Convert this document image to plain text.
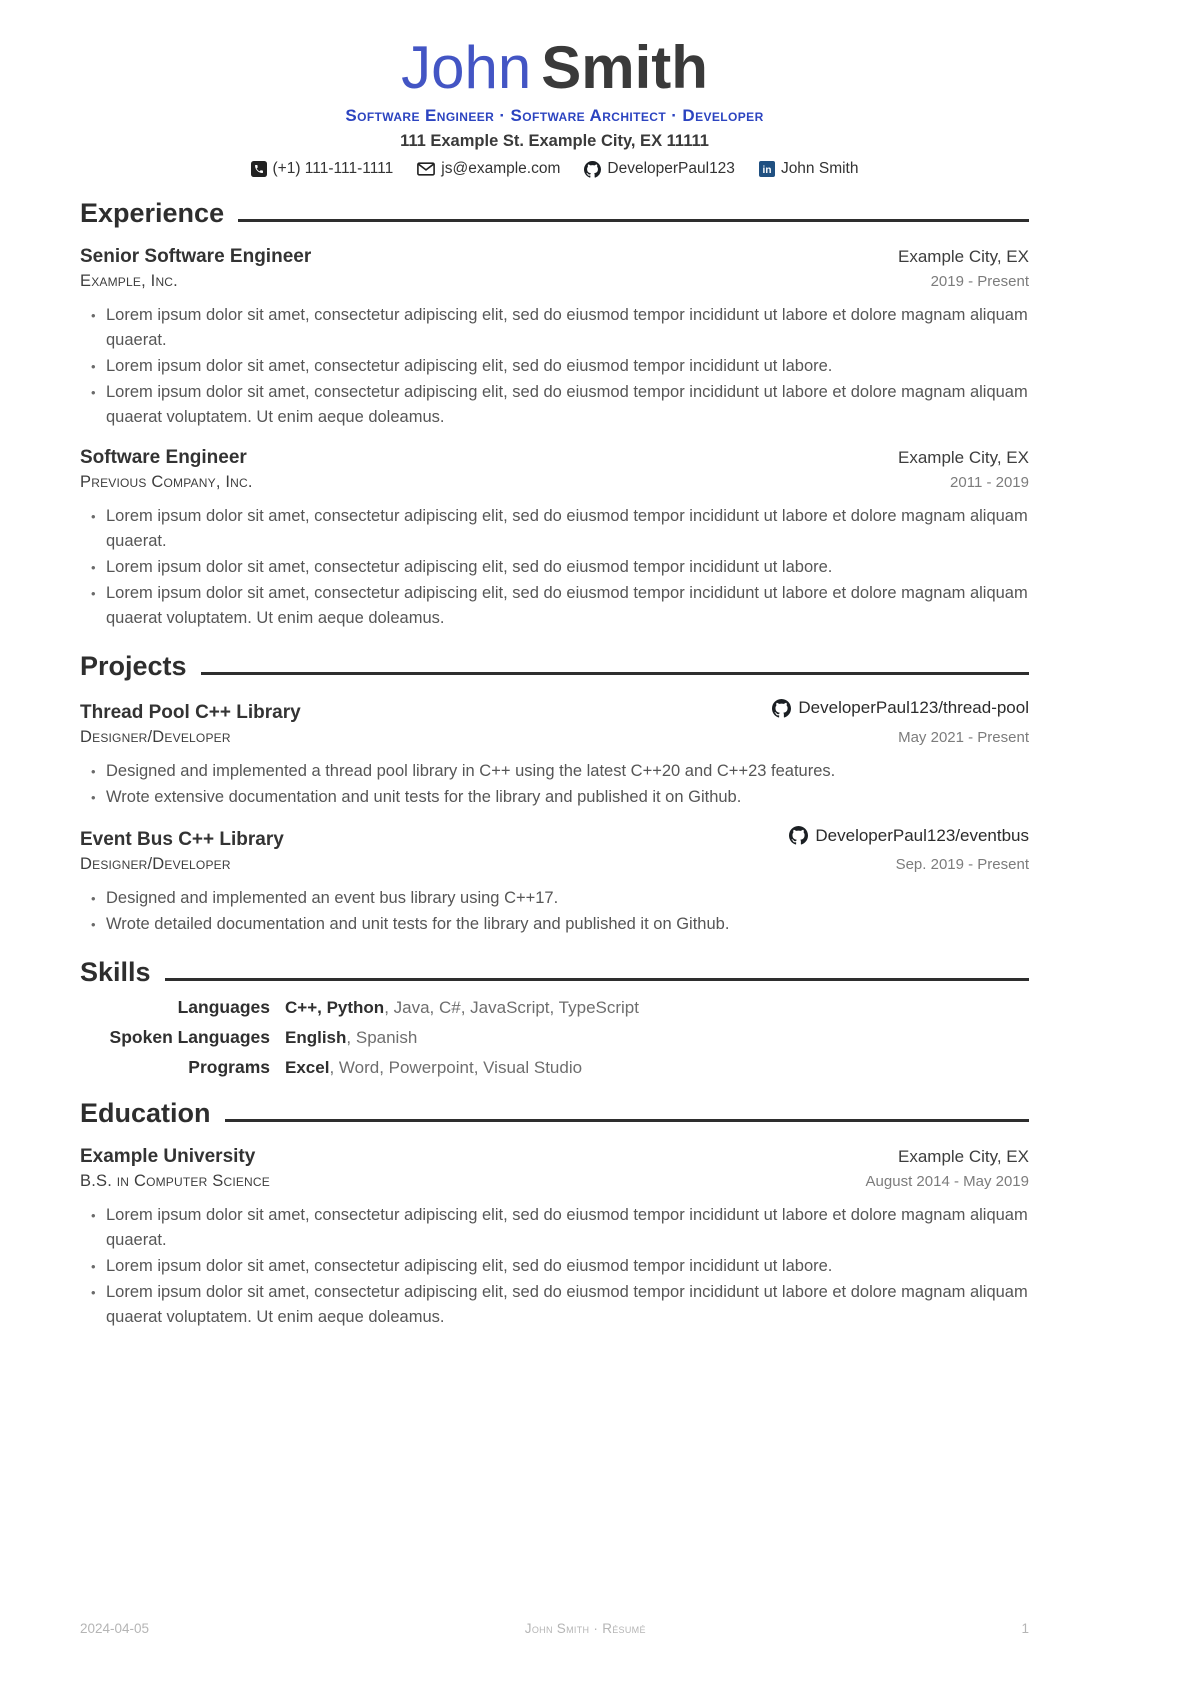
John Smith
Software Engineer · Software Architect · Developer
111 Example St. Example City, EX 11111
(+1) 111-111-1111	js@example.com	DeveloperPaul123	in John Smith
Experience
Senior Software Engineer	Example City, EX
Example, Inc.	2019 - Present
• Lorem ipsum dolor sit amet, consectetur adipiscing elit, sed do eiusmod tempor incididunt ut labore et dolore magnam aliquam quaerat.
• Lorem ipsum dolor sit amet, consectetur adipiscing elit, sed do eiusmod tempor incididunt ut labore.
• Lorem ipsum dolor sit amet, consectetur adipiscing elit, sed do eiusmod tempor incididunt ut labore et dolore magnam aliquam quaerat voluptatem. Ut enim aeque doleamus.
Software Engineer	Example City, EX
Previous Company, Inc.	2011 - 2019
• Lorem ipsum dolor sit amet, consectetur adipiscing elit, sed do eiusmod tempor incididunt ut labore et dolore magnam aliquam quaerat.
• Lorem ipsum dolor sit amet, consectetur adipiscing elit, sed do eiusmod tempor incididunt ut labore.
• Lorem ipsum dolor sit amet, consectetur adipiscing elit, sed do eiusmod tempor incididunt ut labore et dolore magnam aliquam quaerat voluptatem. Ut enim aeque doleamus.
Projects
Thread Pool C++ Library	DeveloperPaul123/thread-pool
Designer/Developer	May 2021 - Present
• Designed and implemented a thread pool library in C++ using the latest C++20 and C++23 features.
• Wrote extensive documentation and unit tests for the library and published it on Github.
Event Bus C++ Library	DeveloperPaul123/eventbus
Designer/Developer	Sep. 2019 - Present
• Designed and implemented an event bus library using C++17.
• Wrote detailed documentation and unit tests for the library and published it on Github.
Skills
Languages C++, Python, Java, C#, JavaScript, TypeScript
Spoken Languages English, Spanish
Programs Excel, Word, Powerpoint, Visual Studio
Education
Example University	Example City, EX
B.S. in Computer Science	August 2014 - May 2019
• Lorem ipsum dolor sit amet, consectetur adipiscing elit, sed do eiusmod tempor incididunt ut labore et dolore magnam aliquam quaerat.
• Lorem ipsum dolor sit amet, consectetur adipiscing elit, sed do eiusmod tempor incididunt ut labore.
• Lorem ipsum dolor sit amet, consectetur adipiscing elit, sed do eiusmod tempor incididunt ut labore et dolore magnam aliquam quaerat voluptatem. Ut enim aeque doleamus.
2024-04-05	John Smith · Résumé	1
